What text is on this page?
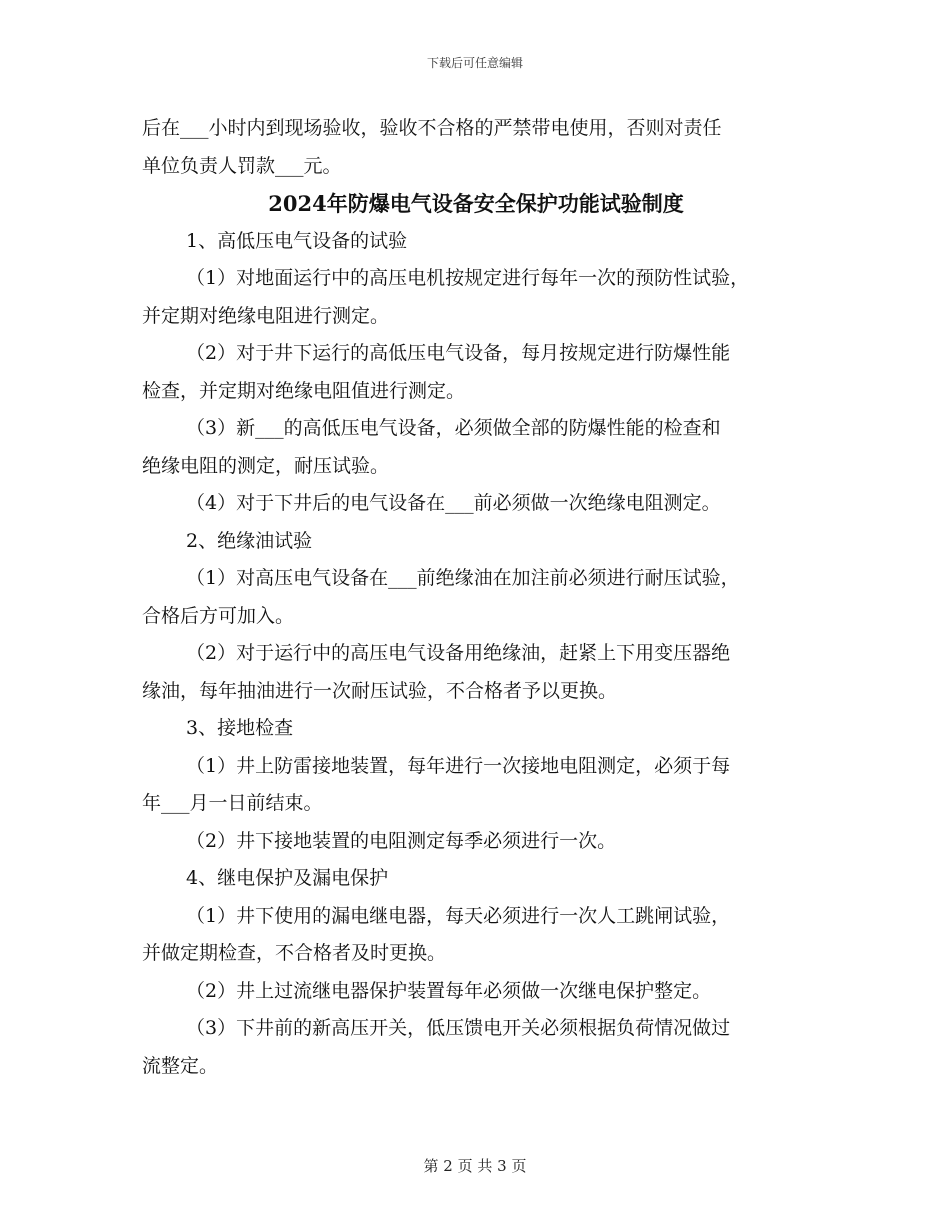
下载后可任意编辑
后在___小时内到现场验收，验收不合格的严禁带电使用，否则对责任
单位负责人罚款___元。
2024年防爆电气设备安全保护功能试验制度
1、高低压电气设备的试验
（1）对地面运行中的高压电机按规定进行每年一次的预防性试验，
并定期对绝缘电阻进行测定。
（2）对于井下运行的高低压电气设备，每月按规定进行防爆性能
检查，并定期对绝缘电阻值进行测定。
（3）新___的高低压电气设备，必须做全部的防爆性能的检查和
绝缘电阻的测定，耐压试验。
（4）对于下井后的电气设备在___前必须做一次绝缘电阻测定。
2、绝缘油试验
（1）对高压电气设备在___前绝缘油在加注前必须进行耐压试验，
合格后方可加入。
（2）对于运行中的高压电气设备用绝缘油，赶紧上下用变压器绝
缘油，每年抽油进行一次耐压试验，不合格者予以更换。
3、接地检查
（1）井上防雷接地装置，每年进行一次接地电阻测定，必须于每
年___月一日前结束。
（2）井下接地装置的电阻测定每季必须进行一次。
4、继电保护及漏电保护
（1）井下使用的漏电继电器，每天必须进行一次人工跳闸试验，
并做定期检查，不合格者及时更换。
（2）井上过流继电器保护装置每年必须做一次继电保护整定。
（3）下井前的新高压开关，低压馈电开关必须根据负荷情况做过
流整定。
第 2 页 共 3 页
